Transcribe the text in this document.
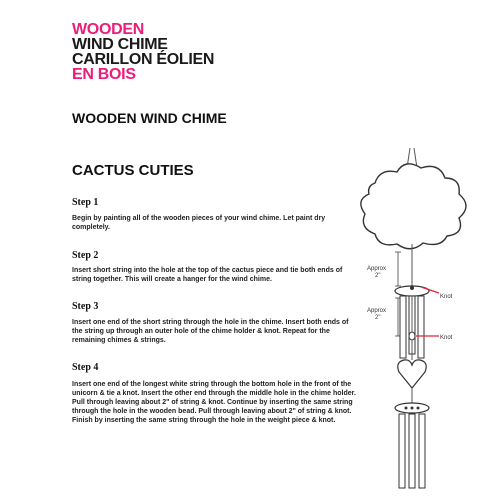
WOODEN
WIND CHIME
CARILLON ÉOLIEN
EN BOIS
WOODEN WIND CHIME
CACTUS CUTIES
Step 1
Begin by painting all of the wooden pieces of your wind chime. Let paint dry completely.
Step 2
Insert short string into the hole at the top of the cactus piece and tie both ends of string together. This will create a hanger for the wind chime.
Step 3
Insert one end of the short string through the hole in the chime. Insert both ends of the string up through an outer hole of the chime holder & knot. Repeat for the remaining chimes & strings.
Step 4
Insert one end of the longest white string through the bottom hole in the front of the unicorn & tie a knot. Insert the other end through the middle hole in the chime holder. Pull through leaving about 2" of string & knot. Continue by inserting the same string through the hole in the wooden bead. Pull through leaving about 2" of string & knot. Finish by inserting the same string through the hole in the weight piece & knot.
Approx
2"
Knot
Approx
2"
Knot
